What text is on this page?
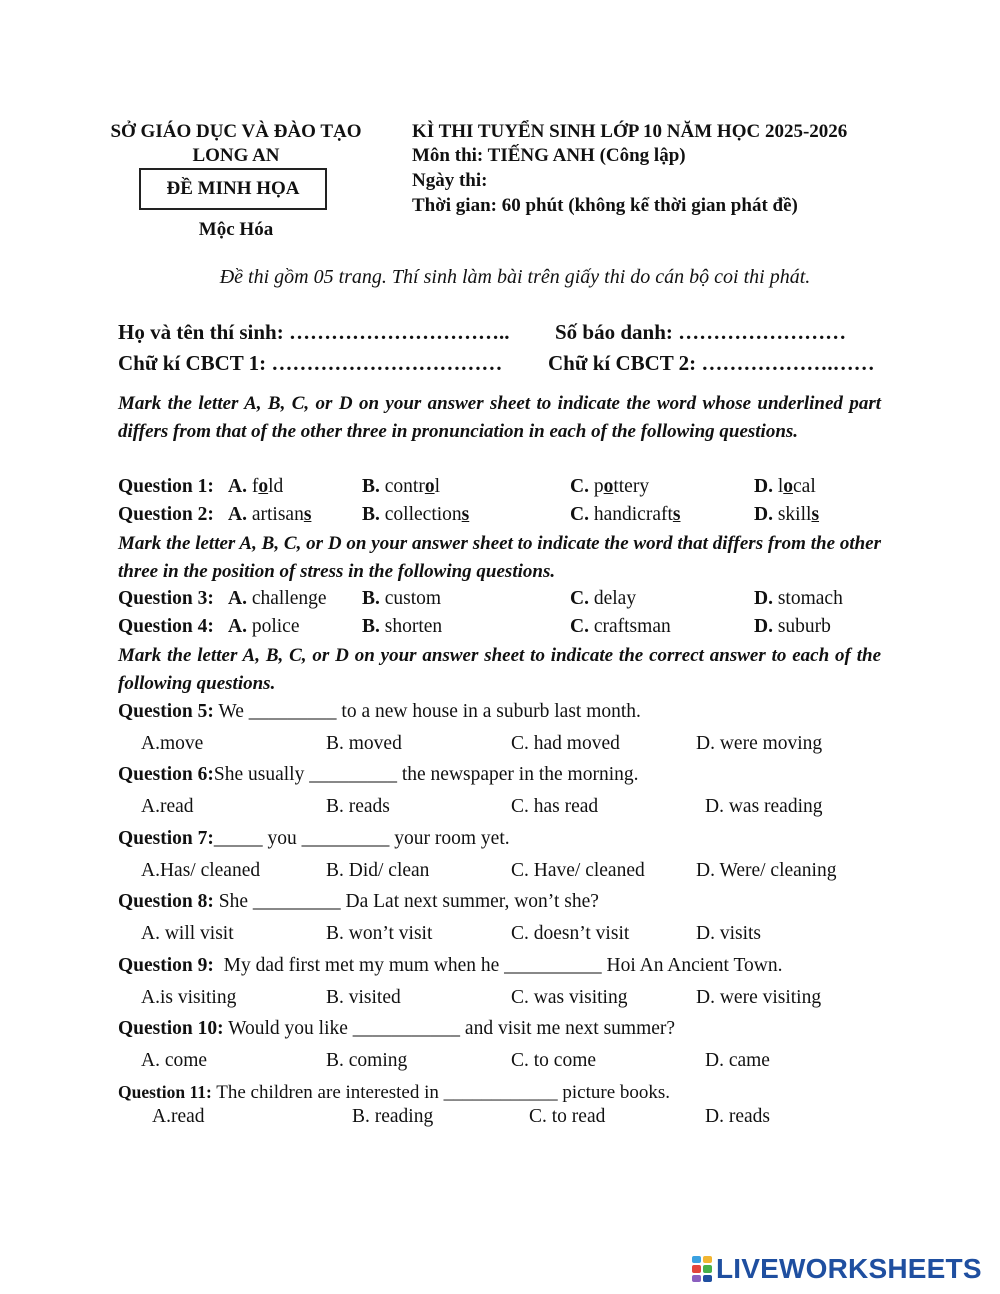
SỞ GIÁO DỤC VÀ ĐÀO TẠO
LONG AN
ĐỀ MINH HỌA
Mộc Hóa
KÌ THI TUYỂN SINH LỚP 10 NĂM HỌC 2025-2026
Môn thi: TIẾNG ANH (Công lập)
Ngày thi:
Thời gian: 60 phút (không kể thời gian phát đề)
Đề thi gồm 05 trang. Thí sinh làm bài trên giấy thi do cán bộ coi thi phát.
Họ và tên thí sinh: ………………………….. Số báo danh: ……………………
Chữ kí CBCT 1: …………………………… Chữ kí CBCT 2: ……………….……
Mark the letter A, B, C, or D on your answer sheet to indicate the word whose underlined part differs from that of the other three in pronunciation in each of the following questions.
Question 1: A. fold	B. control	C. pottery	D. local
Question 2: A. artisans	B. collections	C. handicrafts	D. skills
Mark the letter A, B, C, or D on your answer sheet to indicate the word that differs from the other three in the position of stress in the following questions.
Question 3: A. challenge B. custom	C. delay	D. stomach
Question 4: A. police	B. shorten	C. craftsman	D. suburb
Mark the letter A, B, C, or D on your answer sheet to indicate the correct answer to each of the following questions.
Question 5: We _________ to a new house in a suburb last month.
A.move	B. moved	C. had moved	D. were moving
Question 6:She usually _________ the newspaper in the morning.
A.read	B. reads	C. has read	D. was reading
Question 7:_____ you _________ your room yet.
A.Has/ cleaned	B. Did/ clean	C. Have/ cleaned	D. Were/ cleaning
Question 8: She _________ Da Lat next summer, won’t she?
A. will visit	B. won’t visit	C. doesn’t visit	D. visits
Question 9: My dad first met my mum when he __________ Hoi An Ancient Town.
A.is visiting	B. visited	C. was visiting	D. were visiting
Question 10: Would you like ___________ and visit me next summer?
A. come	B. coming	C. to come	D. came
Question 11: The children are interested in ____________ picture books.
A.read	B. reading	C. to read	D. reads
LIVEWORKSHEETS
